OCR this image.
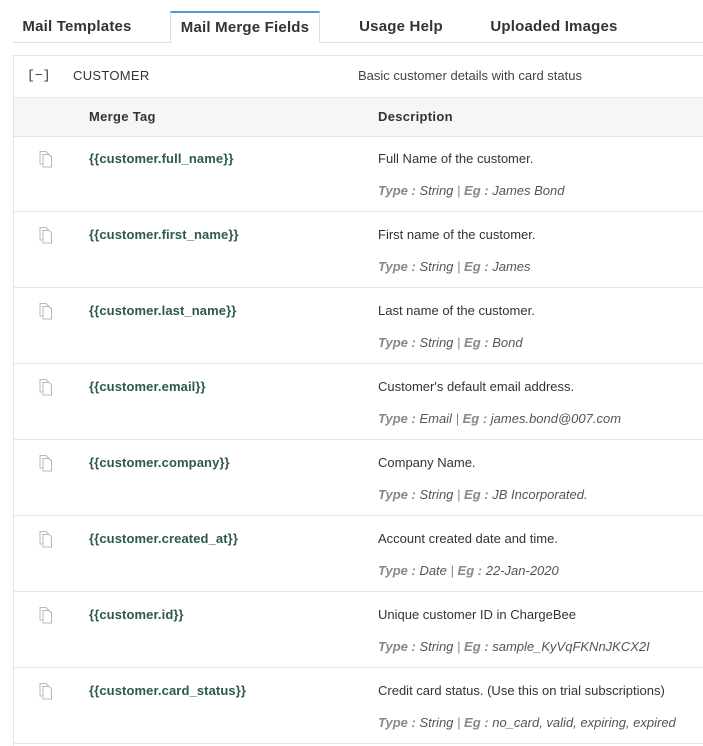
Mail Templates	Mail Merge Fields	Usage Help	Uploaded Images
[−] CUSTOMER	Basic customer details with card status
Merge Tag	Description
{{customer.full_name}}	Full Name of the customer.
Type : String | Eg : James Bond
{{customer.first_name}}	First name of the customer.
Type : String | Eg : James
{{customer.last_name}}	Last name of the customer.
Type : String | Eg : Bond
{{customer.email}}	Customer's default email address.
Type : Email | Eg : james.bond@007.com
{{customer.company}}	Company Name.
Type : String | Eg : JB Incorporated.
{{customer.created_at}}	Account created date and time.
Type : Date | Eg : 22-Jan-2020
{{customer.id}}	Unique customer ID in ChargeBee
Type : String | Eg : sample_KyVqFKNnJKCX2I
{{customer.card_status}}	Credit card status. (Use this on trial subscriptions)
Type : String | Eg : no_card, valid, expiring, expired
